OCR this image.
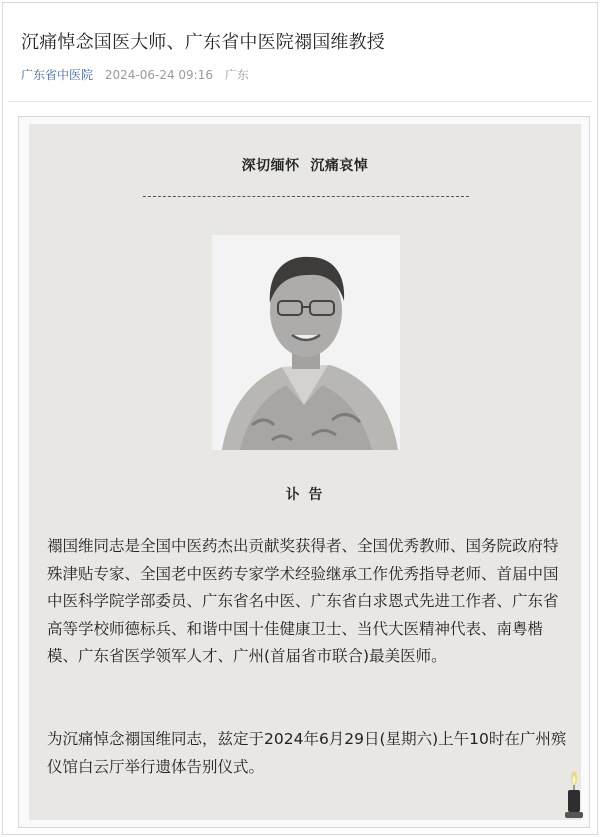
沉痛悼念国医大师、广东省中医院禤国维教授
广东省中医院 2024-06-24 09:16 广东
深切缅怀  沉痛哀悼
讣 告
禤国维同志是全国中医药杰出贡献奖获得者、全国优秀教师、国务院政府特殊津贴专家、全国老中医药专家学术经验继承工作优秀指导老师、首届中国中医科学院学部委员、广东省名中医、广东省白求恩式先进工作者、广东省高等学校师德标兵、和谐中国十佳健康卫士、当代大医精神代表、南粤楷模、广东省医学领军人才、广州(首届省市联合)最美医师。
为沉痛悼念禤国维同志，兹定于2024年6月29日(星期六)上午10时在广州殡仪馆白云厅举行遗体告别仪式。
